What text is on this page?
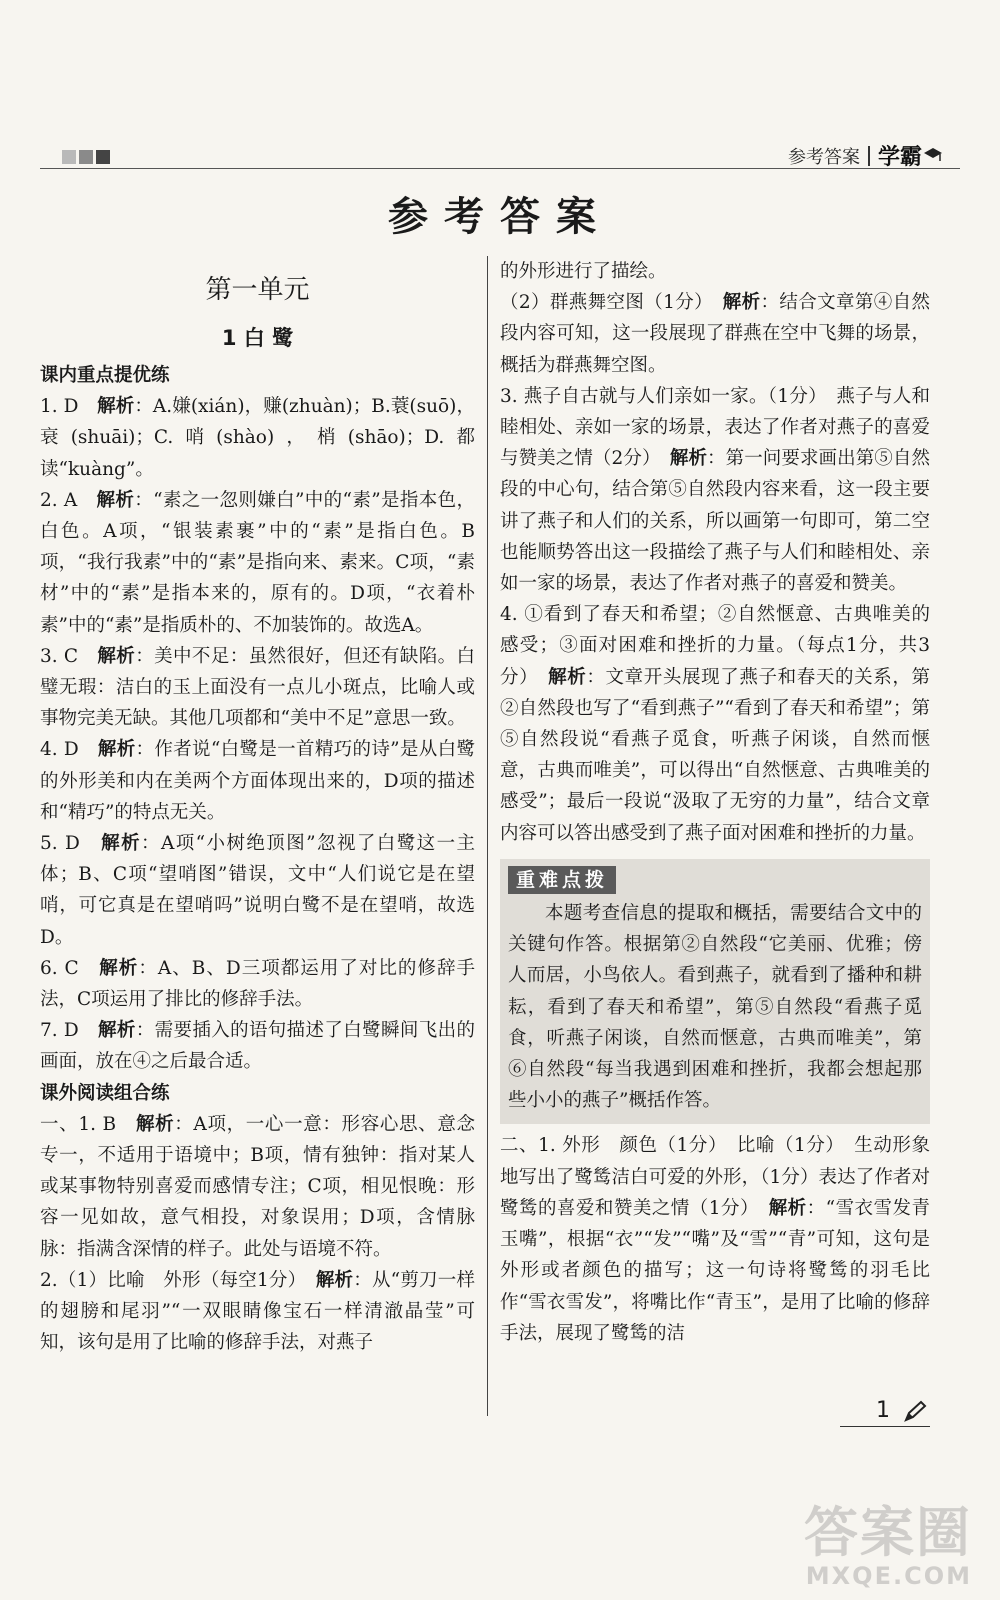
参考答案 学霸
参考答案
第一单元
1 白 鹭

课内重点提优练

1. D　 解析：A.嫌(xián)，赚(zhuàn)；B.蓑(suō)，衰(shuāi)；C.哨(shào)，梢(shāo)；D.都读“kuàng”。

2. A　 解析：“素之一忽则嫌白”中的“素”是指本色，白色。A项，“银装素裹”中的“素”是指白色。B项，“我行我素”中的“素”是指向来、素来。C项，“素材”中的“素”是指本来的，原有的。D项，“衣着朴素”中的“素”是指质朴的、不加装饰的。故选A。

3. C　 解析：美中不足：虽然很好，但还有缺陷。白璧无瑕：洁白的玉上面没有一点儿小斑点，比喻人或事物完美无缺。其他几项都和“美中不足”意思一致。

4. D　 解析：作者说“白鹭是一首精巧的诗”是从白鹭的外形美和内在美两个方面体现出来的，D项的描述和“精巧”的特点无关。

5. D　 解析：A项“小树绝顶图”忽视了白鹭这一主体；B、C项“望哨图”错误，文中“人们说它是在望哨，可它真是在望哨吗”说明白鹭不是在望哨，故选D。

6. C　 解析：A、B、D三项都运用了对比的修辞手法，C项运用了排比的修辞手法。

7. D　 解析：需要插入的语句描述了白鹭瞬间飞出的画面，放在④之后最合适。

课外阅读组合练

一、1. B　 解析：A项，一心一意：形容心思、意念专一，不适用于语境中；B项，情有独钟：指对某人或某事物特别喜爱而感情专注；C项，相见恨晚：形容一见如故，意气相投，对象误用；D项，含情脉脉：指满含深情的样子。此处与语境不符。

2.（1）比喻　外形（每空1分）　 解析：从“剪刀一样的翅膀和尾羽”“一双眼睛像宝石一样清澈晶莹”可知，该句是用了比喻的修辞手法，对燕子

的外形进行了描绘。

（2）群燕舞空图（1分）　 解析：结合文章第④自然段内容可知，这一段展现了群燕在空中飞舞的场景，概括为群燕舞空图。

3. 燕子自古就与人们亲如一家。（1分）　燕子与人和睦相处、亲如一家的场景，表达了作者对燕子的喜爱与赞美之情（2分）　 解析：第一问要求画出第⑤自然段的中心句，结合第⑤自然段内容来看，这一段主要讲了燕子和人们的关系，所以画第一句即可，第二空也能顺势答出这一段描绘了燕子与人们和睦相处、亲如一家的场景，表达了作者对燕子的喜爱和赞美。

4. ①看到了春天和希望；②自然惬意、古典唯美的感受；③面对困难和挫折的力量。（每点1分，共3分）　 解析：文章开头展现了燕子和春天的关系，第②自然段也写了“看到燕子”“看到了春天和希望”；第⑤自然段说“看燕子觅食，听燕子闲谈，自然而惬意，古典而唯美”，可以得出“自然惬意、古典唯美的感受”；最后一段说“汲取了无穷的力量”，结合文章内容可以答出感受到了燕子面对困难和挫折的力量。

重难点拨

本题考查信息的提取和概括，需要结合文中的关键句作答。根据第②自然段“它美丽、优雅；傍人而居，小鸟依人。看到燕子，就看到了播种和耕耘，看到了春天和希望”，第⑤自然段“看燕子觅食，听燕子闲谈，自然而惬意，古典而唯美”，第⑥自然段“每当我遇到困难和挫折，我都会想起那些小小的燕子”概括作答。

二、1. 外形　颜色（1分）　比喻（1分）　生动形象地写出了鹭鸶洁白可爱的外形，（1分）表达了作者对鹭鸶的喜爱和赞美之情（1分）　 解析：“雪衣雪发青玉嘴”，根据“衣”“发”“嘴”及“雪”“青”可知，这句是外形或者颜色的描写；这一句诗将鹭鸶的羽毛比作“雪衣雪发”，将嘴比作“青玉”，是用了比喻的修辞手法，展现了鹭鸶的洁

1
答案圈
MXQE.COM
